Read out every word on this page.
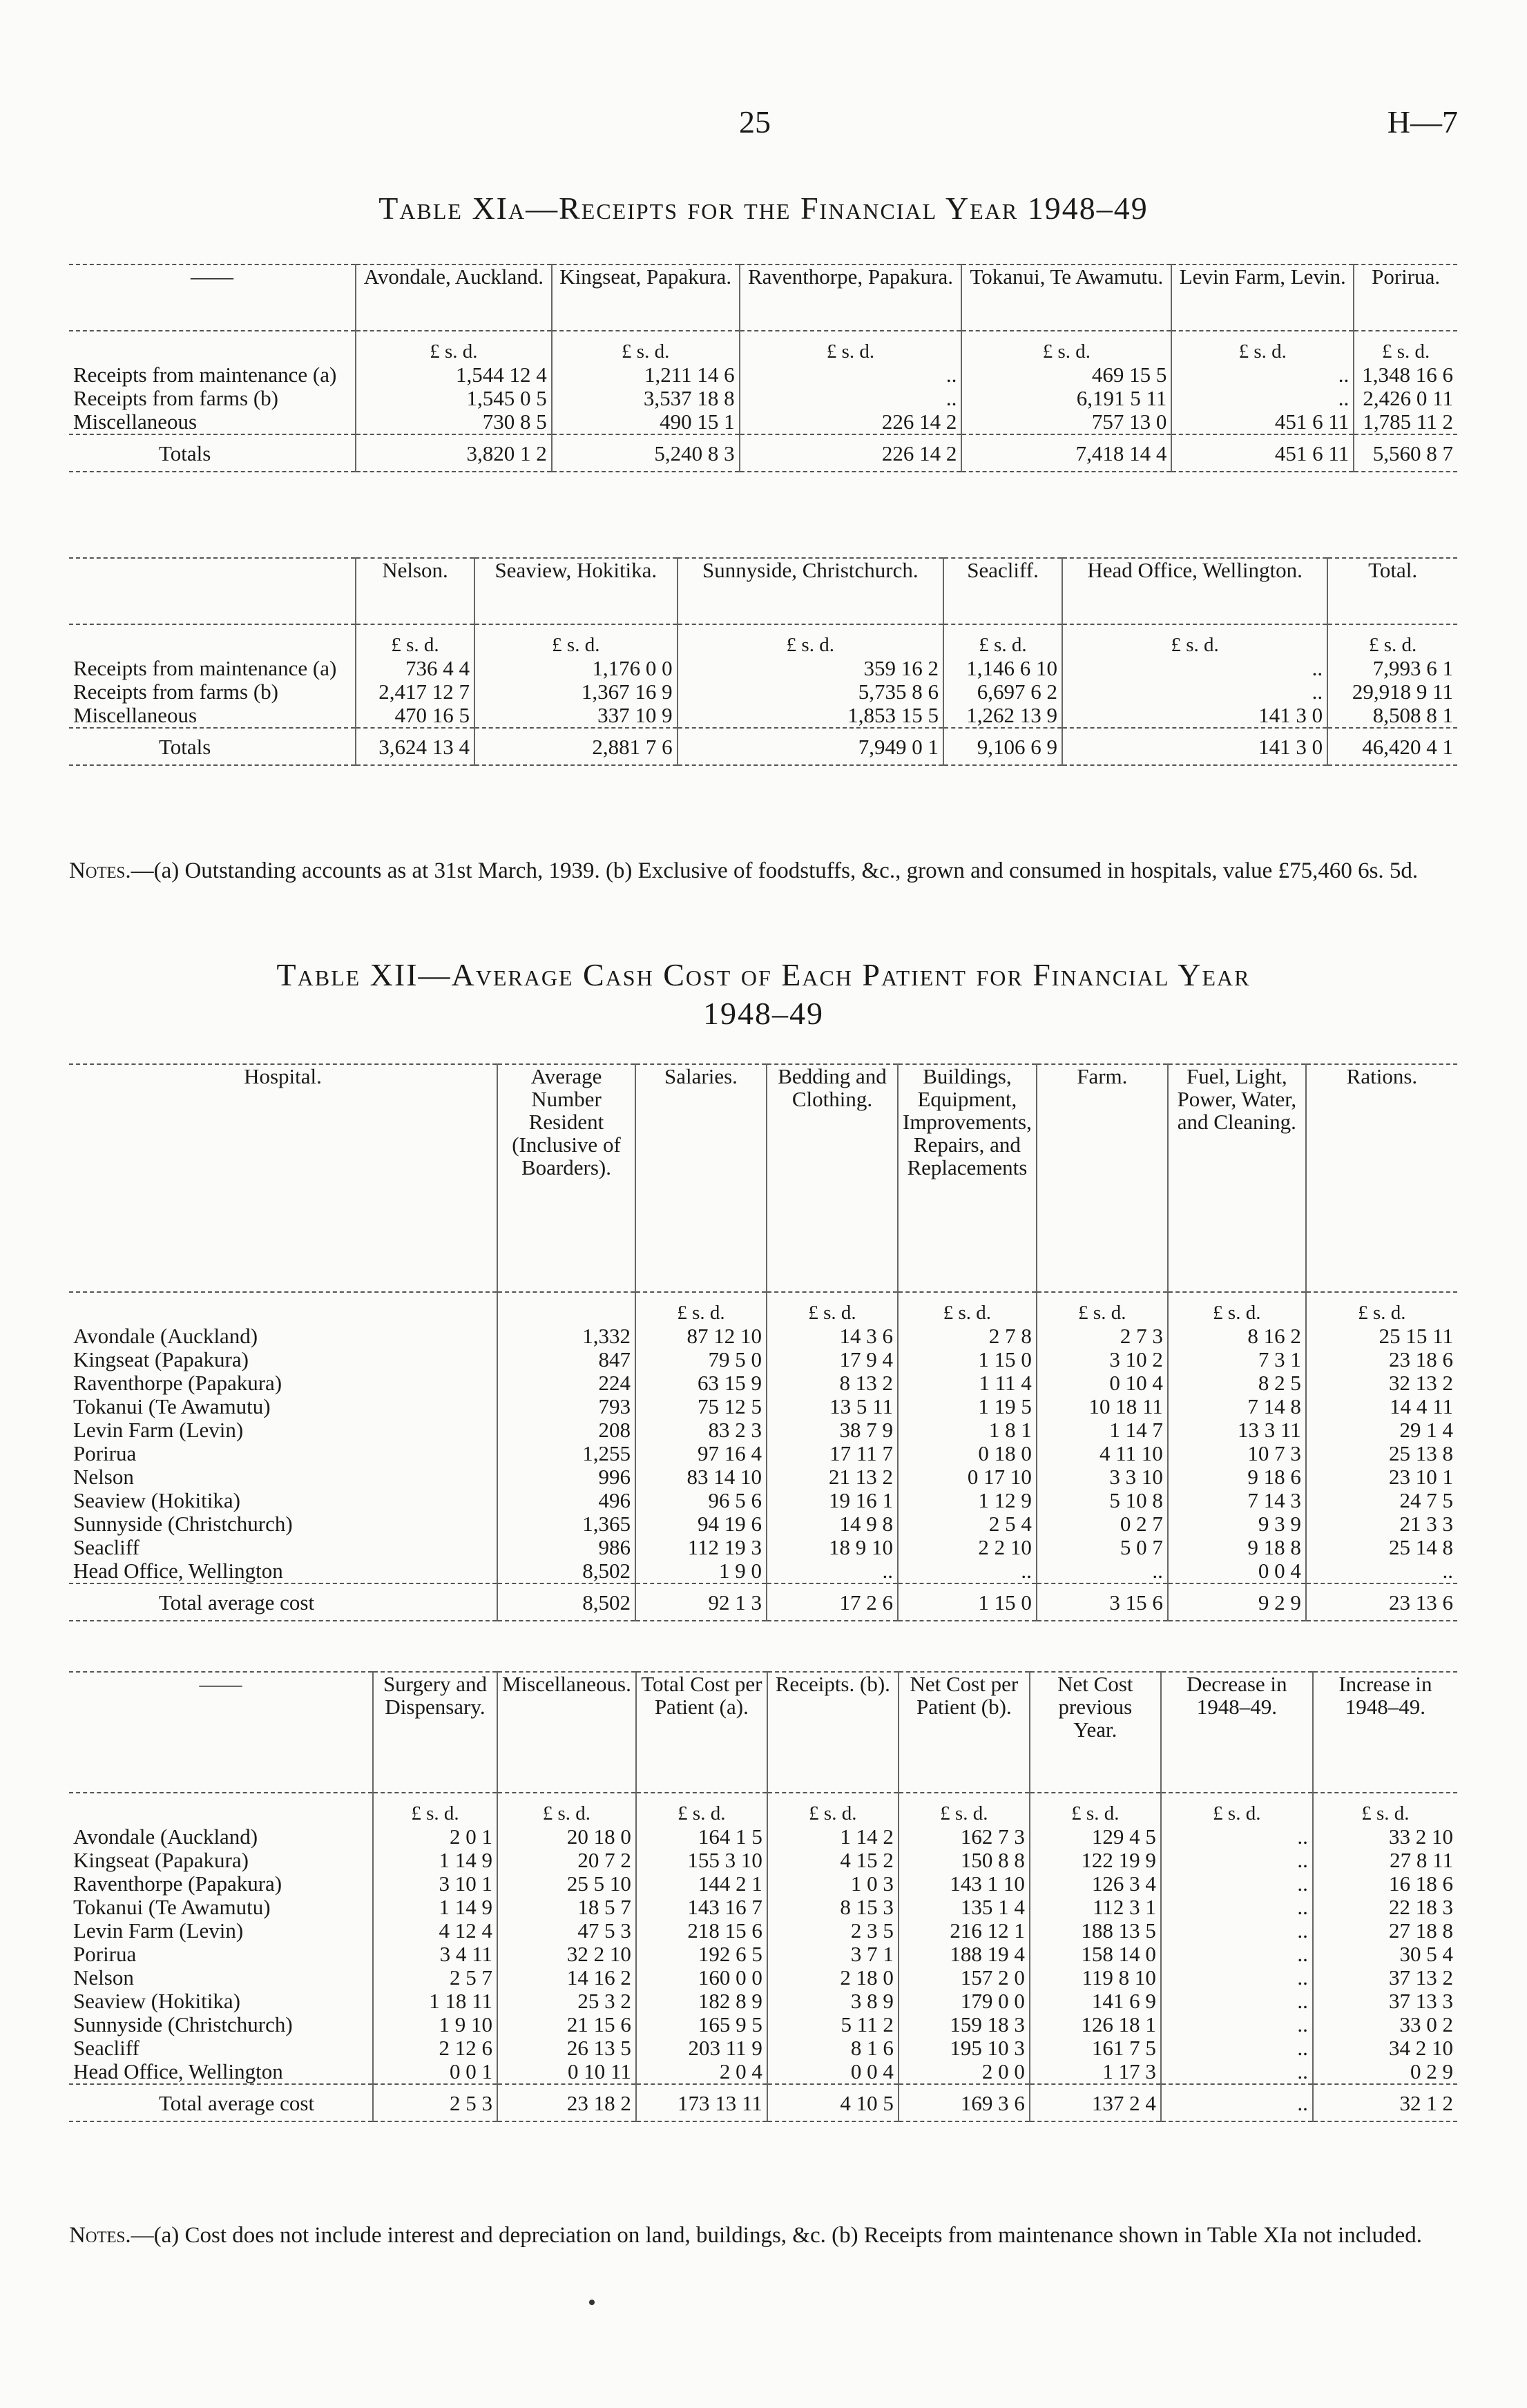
25	H—7
Table XIa—Receipts for the Financial Year 1948–49
——	Avondale, Auckland.	Kingseat, Papakura.	Raventhorpe, Papakura.	Tokanui, Te Awamutu.	Levin Farm, Levin.	Porirua.
	£ s. d.	£ s. d.	£ s. d.	£ s. d.	£ s. d.	£ s. d.
Receipts from maintenance (a)	1,544 12 4	1,211 14 6	..	469 15 5	..	1,348 16 6
Receipts from farms (b)	1,545 0 5	3,537 18 8	..	6,191 5 11	..	2,426 0 11
Miscellaneous	730 8 5	490 15 1	226 14 2	757 13 0	451 6 11	1,785 11 2
Totals	3,820 1 2	5,240 8 3	226 14 2	7,418 14 4	451 6 11	5,560 8 7
	Nelson.	Seaview, Hokitika.	Sunnyside, Christchurch.	Seacliff.	Head Office, Wellington.	Total.
	£ s. d.	£ s. d.	£ s. d.	£ s. d.	£ s. d.	£ s. d.
Receipts from maintenance (a)	736 4 4	1,176 0 0	359 16 2	1,146 6 10	..	7,993 6 1
Receipts from farms (b)	2,417 12 7	1,367 16 9	5,735 8 6	6,697 6 2	..	29,918 9 11
Miscellaneous	470 16 5	337 10 9	1,853 15 5	1,262 13 9	141 3 0	8,508 8 1
Totals	3,624 13 4	2,881 7 6	7,949 0 1	9,106 6 9	141 3 0	46,420 4 1
Notes.—(a) Outstanding accounts as at 31st March, 1939. (b) Exclusive of foodstuffs, &c., grown and consumed in hospitals, value £75,460 6s. 5d.
Table XII—Average Cash Cost of Each Patient for Financial Year
1948–49
Hospital.	Average Number Resident (Inclusive of Boarders).	Salaries.	Bedding and Clothing.	Buildings, Equipment, Improvements, Repairs, and Replacements	Farm.	Fuel, Light, Power, Water, and Cleaning.	Rations.
		£ s. d.	£ s. d.	£ s. d.	£ s. d.	£ s. d.	£ s. d.
Avondale (Auckland)	1,332	87 12 10	14 3 6	2 7 8	2 7 3	8 16 2	25 15 11
Kingseat (Papakura)	847	79 5 0	17 9 4	1 15 0	3 10 2	7 3 1	23 18 6
Raventhorpe (Papakura)	224	63 15 9	8 13 2	1 11 4	0 10 4	8 2 5	32 13 2
Tokanui (Te Awamutu)	793	75 12 5	13 5 11	1 19 5	10 18 11	7 14 8	14 4 11
Levin Farm (Levin)	208	83 2 3	38 7 9	1 8 1	1 14 7	13 3 11	29 1 4
Porirua	1,255	97 16 4	17 11 7	0 18 0	4 11 10	10 7 3	25 13 8
Nelson	996	83 14 10	21 13 2	0 17 10	3 3 10	9 18 6	23 10 1
Seaview (Hokitika)	496	96 5 6	19 16 1	1 12 9	5 10 8	7 14 3	24 7 5
Sunnyside (Christchurch)	1,365	94 19 6	14 9 8	2 5 4	0 2 7	9 3 9	21 3 3
Seacliff	986	112 19 3	18 9 10	2 2 10	5 0 7	9 18 8	25 14 8
Head Office, Wellington	8,502	1 9 0	..	..	..	0 0 4	..
Total average cost	8,502	92 1 3	17 2 6	1 15 0	3 15 6	9 2 9	23 13 6
——	Surgery and Dispensary.	Miscellaneous.	Total Cost per Patient (a).	Receipts. (b).	Net Cost per Patient (b).	Net Cost previous Year.	Decrease in 1948–49.	Increase in 1948–49.
	£ s. d.	£ s. d.	£ s. d.	£ s. d.	£ s. d.	£ s. d.	£ s. d.	£ s. d.
Avondale (Auckland)	2 0 1	20 18 0	164 1 5	1 14 2	162 7 3	129 4 5	..	33 2 10
Kingseat (Papakura)	1 14 9	20 7 2	155 3 10	4 15 2	150 8 8	122 19 9	..	27 8 11
Raventhorpe (Papakura)	3 10 1	25 5 10	144 2 1	1 0 3	143 1 10	126 3 4	..	16 18 6
Tokanui (Te Awamutu)	1 14 9	18 5 7	143 16 7	8 15 3	135 1 4	112 3 1	..	22 18 3
Levin Farm (Levin)	4 12 4	47 5 3	218 15 6	2 3 5	216 12 1	188 13 5	..	27 18 8
Porirua	3 4 11	32 2 10	192 6 5	3 7 1	188 19 4	158 14 0	..	30 5 4
Nelson	2 5 7	14 16 2	160 0 0	2 18 0	157 2 0	119 8 10	..	37 13 2
Seaview (Hokitika)	1 18 11	25 3 2	182 8 9	3 8 9	179 0 0	141 6 9	..	37 13 3
Sunnyside (Christchurch)	1 9 10	21 15 6	165 9 5	5 11 2	159 18 3	126 18 1	..	33 0 2
Seacliff	2 12 6	26 13 5	203 11 9	8 1 6	195 10 3	161 7 5	..	34 2 10
Head Office, Wellington	0 0 1	0 10 11	2 0 4	0 0 4	2 0 0	1 17 3	..	0 2 9
Total average cost	2 5 3	23 18 2	173 13 11	4 10 5	169 3 6	137 2 4	..	32 1 2
Notes.—(a) Cost does not include interest and depreciation on land, buildings, &c. (b) Receipts from maintenance shown in Table XIa not included.
